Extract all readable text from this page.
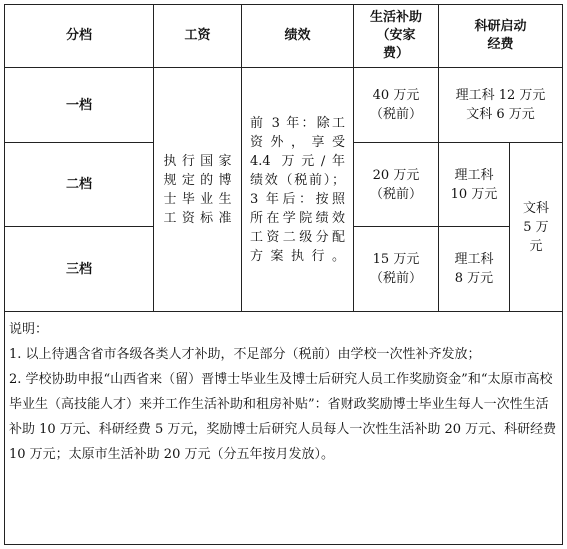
分档	工资	绩效
生活补助
（安家
费）
科研启动
经费
一档
二档
三档
执行国家
规定的博
士毕业生
工资标准
前 3 年：除工
资外，享受
4.4 万元/年
绩效（税前）；
3 年后：按照
所在学院绩效
工资二级分配
方案执行。
40 万元
（税前）
20 万元
（税前）
15 万元
（税前）
理工科 12 万元
文科 6 万元
理工科
10 万元
理工科
8 万元
文科
5 万
元

说明：

1. 以上待遇含省市各级各类人才补助，不足部分（税前）由学校一次性补齐发放；

2. 学校协助申报“山西省来（留）晋博士毕业生及博士后研究人员工作奖励资金”和“太原市高校毕业生（高技能人才）来并工作生活补助和租房补贴”：省财政奖励博士毕业生每人一次性生活补助 10 万元、科研经费 5 万元，奖励博士后研究人员每人一次性生活补助 20 万元、科研经费 10 万元；太原市生活补助 20 万元（分五年按月发放）。
